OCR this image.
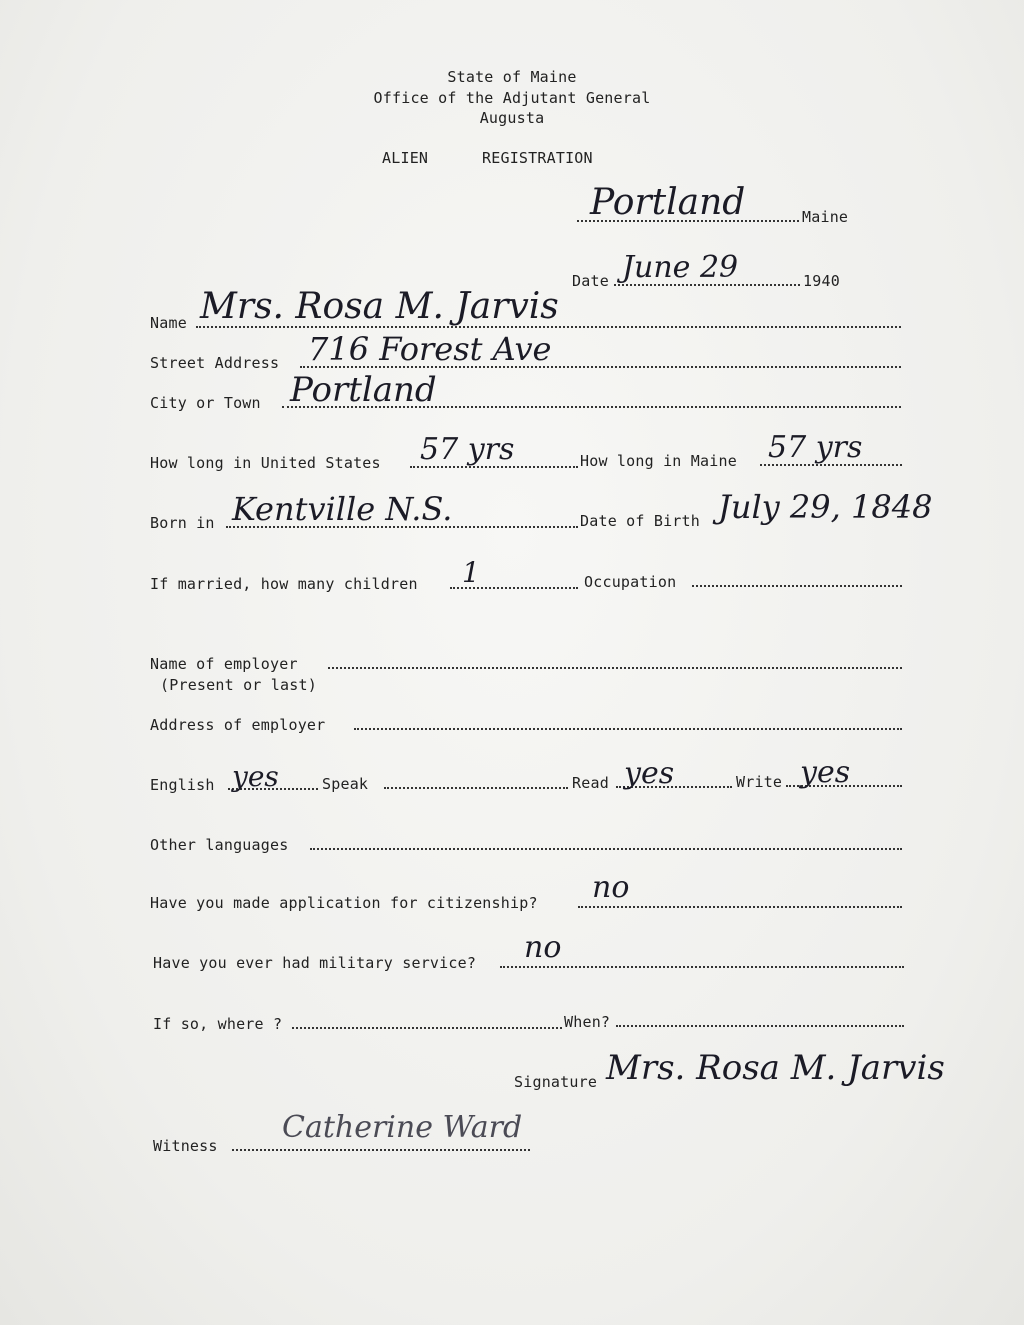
State of Maine
Office of the Adjutant General
Augusta
ALIEN	REGISTRATION
Portland	Maine
Date June 29	1940
Name Mrs. Rosa M. Jarvis
Street Address 716 Forest Ave
City or Town Portland
How long in United States 57 yrs	How long in Maine 57 yrs
Born in Kentville N.S.	Date of Birth July 29, 1848
If married, how many children 1	Occupation
Name of employer
(Present or last)
Address of employer
English yes	Speak	Read yes	Write yes
Other languages
Have you made application for citizenship? no
Have you ever had military service? no
If so, where ?	When?
Signature Mrs. Rosa M. Jarvis
Witness
Catherine Ward
